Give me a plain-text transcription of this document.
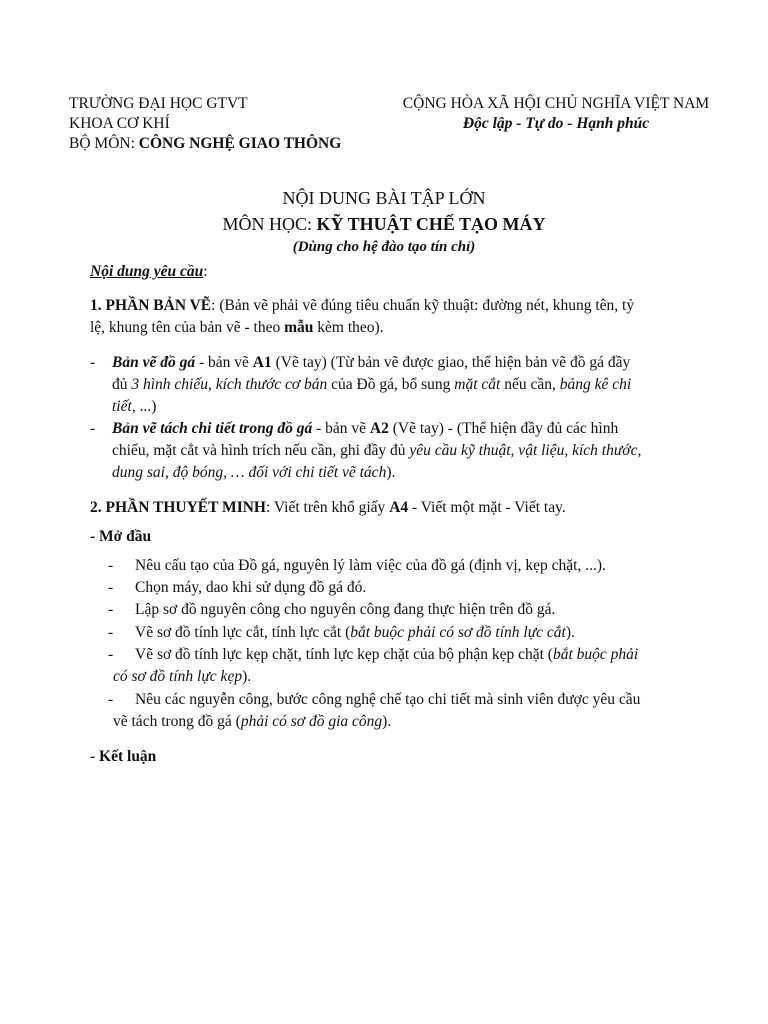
TRƯỜNG ĐẠI HỌC GTVT
KHOA CƠ KHÍ
BỘ MÔN: CÔNG NGHỆ GIAO THÔNG
CỘNG HÒA XÃ HỘI CHỦ NGHĨA VIỆT NAM
Độc lập - Tự do - Hạnh phúc
NỘI DUNG BÀI TẬP LỚN
MÔN HỌC: KỸ THUẬT CHẾ TẠO MÁY
(Dùng cho hệ đào tạo tín chỉ)
Nội dung yêu cầu:
1. PHẦN BẢN VẼ: (Bản vẽ phải vẽ đúng tiêu chuẩn kỹ thuật: đường nét, khung tên, tỷ
lệ, khung tên của bản vẽ - theo mẫu kèm theo).
- Bản vẽ đồ gá - bản vẽ A1 (Vẽ tay) (Từ bản vẽ được giao, thể hiện bản vẽ đồ gá đầy
đủ 3 hình chiếu, kích thước cơ bản của Đồ gá, bổ sung mặt cắt nếu cần, bảng kê chi
tiết, ...)
- Bản vẽ tách chi tiết trong đồ gá - bản vẽ A2 (Vẽ tay) - (Thể hiện đầy đủ các hình
chiếu, mặt cắt và hình trích nếu cần, ghi đầy đủ yêu cầu kỹ thuật, vật liệu, kích thước,
dung sai, độ bóng, … đối với chi tiết vẽ tách).
2. PHẦN THUYẾT MINH: Viết trên khổ giấy A4 - Viết một mặt - Viết tay.
- Mở đầu
- Nêu cấu tạo của Đồ gá, nguyên lý làm việc của đồ gá (định vị, kẹp chặt, ...).
- Chọn máy, dao khi sử dụng đồ gá đó.
- Lập sơ đồ nguyên công cho nguyên công đang thực hiện trên đồ gá.
- Vẽ sơ đồ tính lực cắt, tính lực cắt (bắt buộc phải có sơ đồ tính lực cắt).
- Vẽ sơ đồ tính lực kẹp chặt, tính lực kẹp chặt của bộ phận kẹp chặt (bắt buộc phải
có sơ đồ tính lực kẹp).
- Nêu các nguyễn công, bước công nghệ chế tạo chi tiết mà sinh viên được yêu cầu
vẽ tách trong đồ gá (phải có sơ đồ gia công).
- Kết luận
